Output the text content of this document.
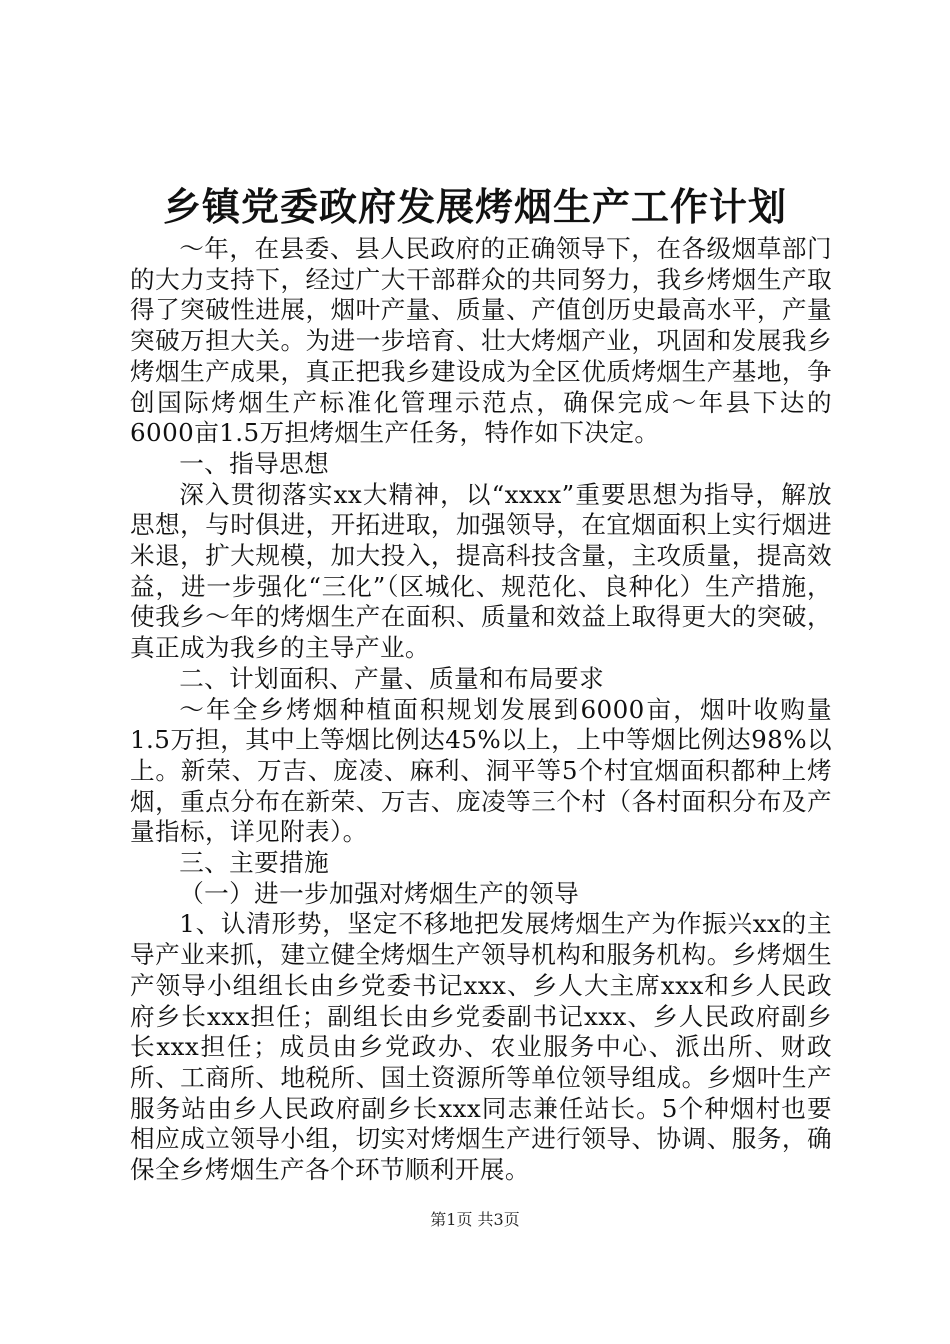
乡镇党委政府发展烤烟生产工作计划

～年，在县委、县人民政府的正确领导下，在各级烟草部门的大力支持下，经过广大干部群众的共同努力，我乡烤烟生产取得了突破性进展，烟叶产量、质量、产值创历史最高水平，产量突破万担大关。为进一步培育、壮大烤烟产业，巩固和发展我乡烤烟生产成果，真正把我乡建设成为全区优质烤烟生产基地，争创国际烤烟生产标准化管理示范点，确保完成～年县下达的6000亩1.5万担烤烟生产任务，特作如下决定。

一、指导思想

深入贯彻落实xx大精神，以“xxxx”重要思想为指导，解放思想，与时俱进，开拓进取，加强领导，在宜烟面积上实行烟进米退，扩大规模，加大投入，提高科技含量，主攻质量，提高效益，进一步强化“三化”（区城化、规范化、良种化）生产措施，使我乡～年的烤烟生产在面积、质量和效益上取得更大的突破，真正成为我乡的主导产业。

二、计划面积、产量、质量和布局要求

～年全乡烤烟种植面积规划发展到6000亩，烟叶收购量1.5万担，其中上等烟比例达45%以上，上中等烟比例达98%以上。新荣、万吉、庞凌、麻利、洞平等5个村宜烟面积都种上烤烟，重点分布在新荣、万吉、庞凌等三个村（各村面积分布及产量指标，详见附表）。

三、主要措施

（一）进一步加强对烤烟生产的领导

1、认清形势，坚定不移地把发展烤烟生产为作振兴xx的主导产业来抓，建立健全烤烟生产领导机构和服务机构。乡烤烟生产领导小组组长由乡党委书记xxx、乡人大主席xxx和乡人民政府乡长xxx担任；副组长由乡党委副书记xxx、乡人民政府副乡长xxx担任；成员由乡党政办、农业服务中心、派出所、财政所、工商所、地税所、国土资源所等单位领导组成。乡烟叶生产服务站由乡人民政府副乡长xxx同志兼任站长。5个种烟村也要相应成立领导小组，切实对烤烟生产进行领导、协调、服务，确保全乡烤烟生产各个环节顺利开展。

第1页 共3页
